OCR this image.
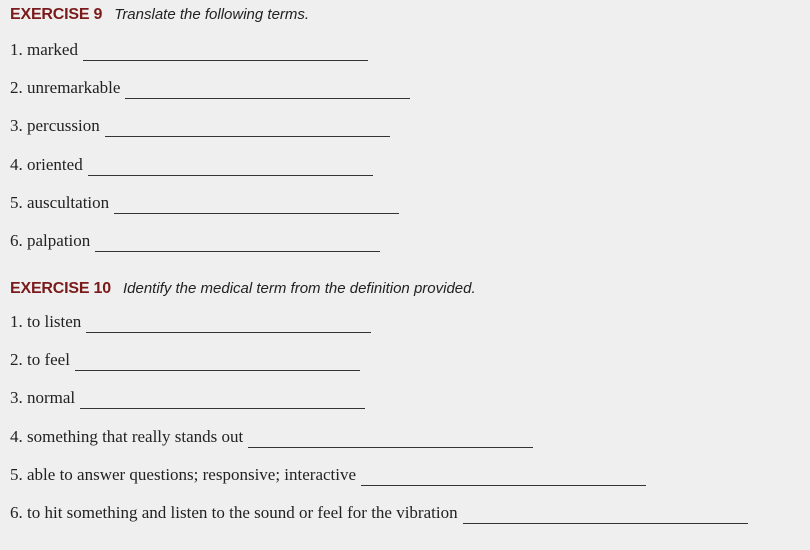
EXERCISE 9 Translate the following terms.
1. marked
2. unremarkable
3. percussion
4. oriented
5. auscultation
6. palpation
EXERCISE 10 Identify the medical term from the definition provided.
1. to listen
2. to feel
3. normal
4. something that really stands out
5. able to answer questions; responsive; interactive
6. to hit something and listen to the sound or feel for the vibration
